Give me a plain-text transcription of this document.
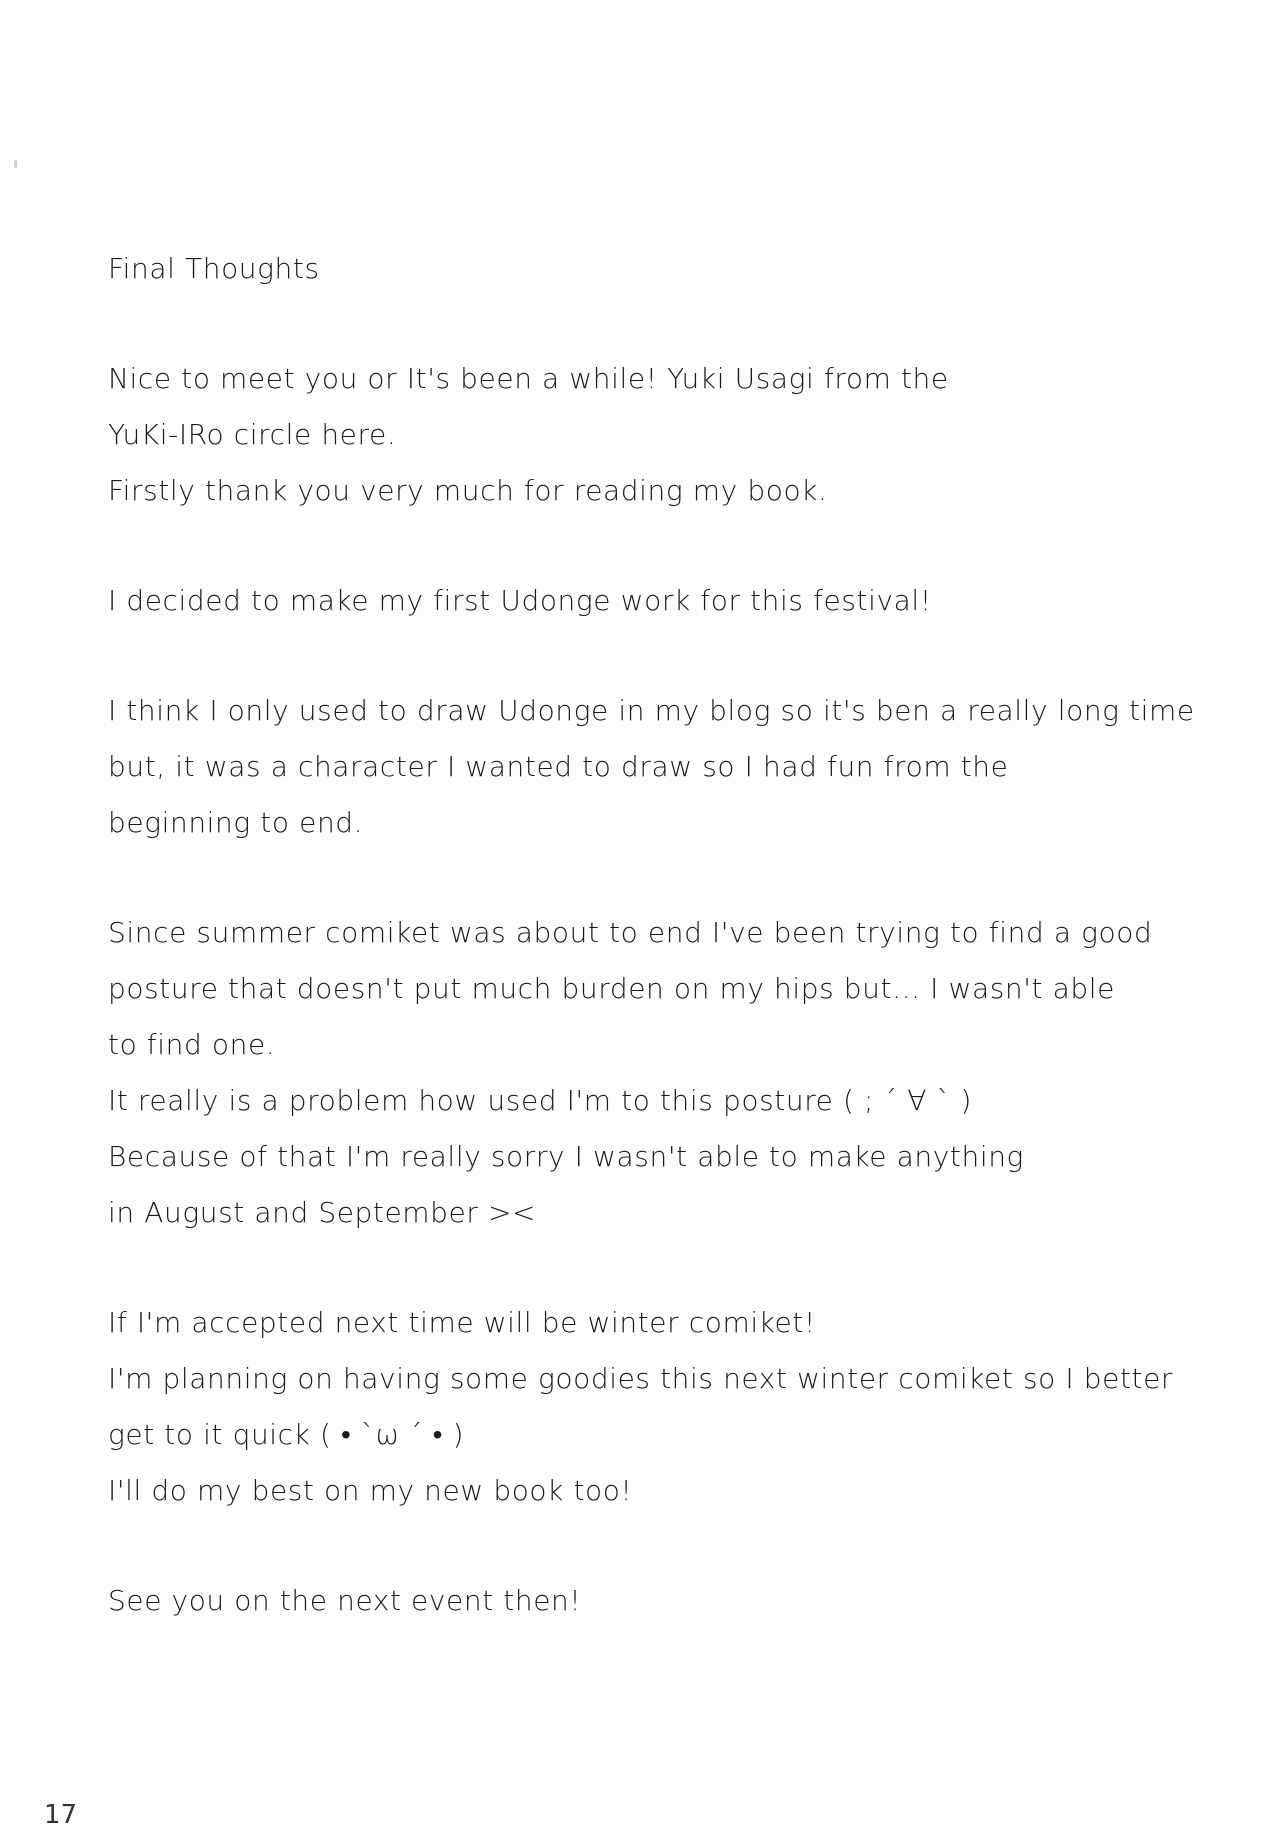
Final Thoughts
Nice to meet you or It's been a while! Yuki Usagi from the
YuKi-IRo circle here.
Firstly thank you very much for reading my book.
I decided to make my first Udonge work for this festival!
I think I only used to draw Udonge in my blog so it's ben a really long time
but, it was a character I wanted to draw so I had fun from the
beginning to end.
Since summer comiket was about to end I've been trying to find a good
posture that doesn't put much burden on my hips but... I wasn't able
to find one.
It really is a problem how used I'm to this posture ( ; ´ ∀ ` )
Because of that I'm really sorry I wasn't able to make anything
in August and September ><
If I'm accepted next time will be winter comiket!
I'm planning on having some goodies this next winter comiket so I better
get to it quick ( • `ω ´ • )
I'll do my best on my new book too!
See you on the next event then!
17
